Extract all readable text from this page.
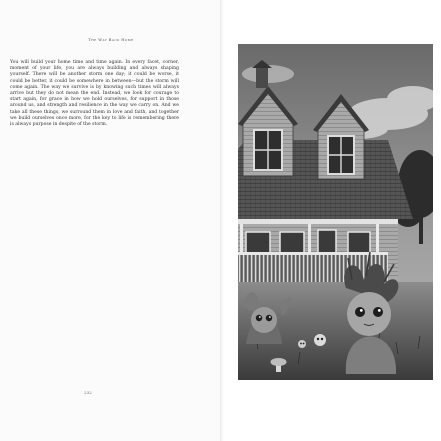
The Way Back Home

You will build your home time and time again. In every facet, corner, moment of your life, you are always building and always shaping yourself. There will be another storm one day; it could be worse, it could be better, it could be somewhere in between—but the storm will come again. The way we survive is by knowing such times will always arrive but they do not mean the end. Instead, we look for courage to start again, for grace in how we hold ourselves, for support in those around us, and strength and resilience in the way we carry on. And we take all these things, we surround them in love and faith, and together we build ourselves once more, for the key to life is remembering there is always purpose in despite of the storm.

232
